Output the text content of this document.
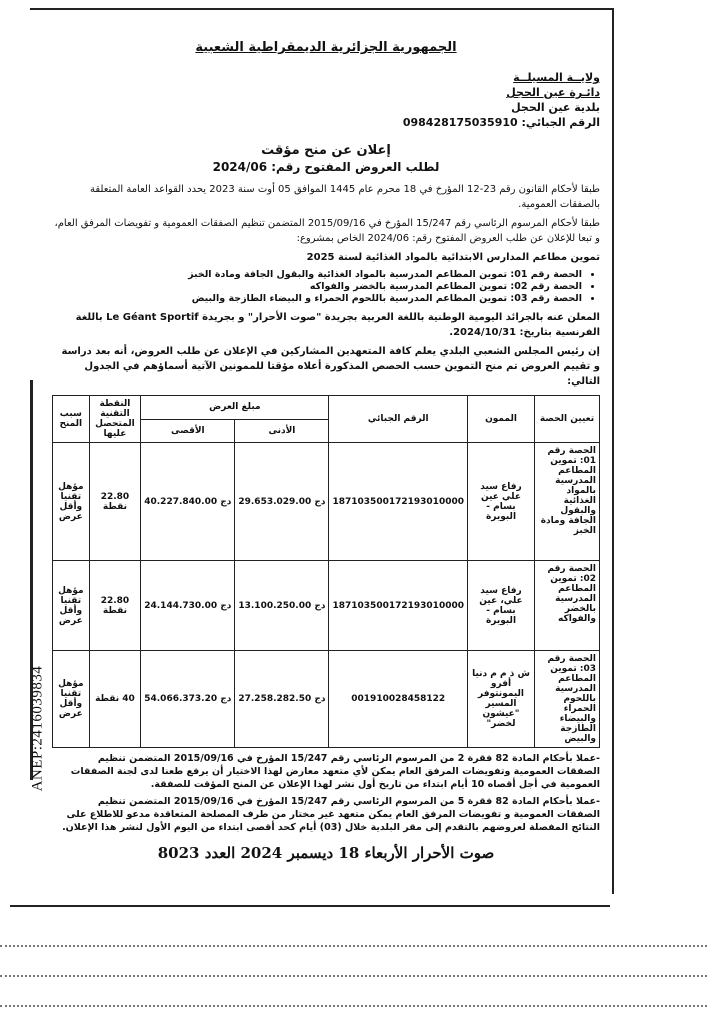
ANEP:2416039834
الجمهورية الجزائرية الديمقراطية الشعبية
ولايــة المسيلــة
دائـرة عين الحجل
بلدية عين الحجل
الرقم الجبائي: 098428175035910
إعلان عن منح مؤقت
لطلب العروض المفتوح رقم: 2024/06

طبقا لأحكام القانون رقم 23-12 المؤرخ في 18 محرم عام 1445 الموافق 05 أوت سنة 2023 يحدد القواعد العامة المتعلقة بالصفقات العمومية.

طبقا لأحكام المرسوم الرئاسي رقم 15/247 المؤرخ في 2015/09/16 المتضمن تنظيم الصفقات العمومية و تفويضات المرفق العام، و تبعا للإعلان عن طلب العروض المفتوح رقم: 2024/06 الخاص بمشروع:

تموين مطاعم المدارس الابتدائية بالمواد الغذائية لسنة 2025

• الحصة رقم 01: تموين المطاعم المدرسية بالمواد الغذائية والبقول الجافة ومادة الخبز
• الحصة رقم 02: تموين المطاعم المدرسية بالخضر والفواكه
• الحصة رقم 03: تموين المطاعم المدرسية باللحوم الحمراء و البيضاء الطازجة والبيض

المعلن عنه بالجرائد اليومية الوطنية باللغة العربية بجريدة "صوت الأحرار" و بجريدة Le Géant Sportif باللغة الفرنسية بتاريخ: 2024/10/31.

إن رئيس المجلس الشعبي البلدي يعلم كافة المتعهدين المشاركين في الإعلان عن طلب العروض، أنه بعد دراسة و تقييم العروض تم منح التموين حسب الحصص المذكورة أعلاه مؤقتا للممونين الآتية أسماؤهم في الجدول التالي:

تعيين الحصة	الممون	الرقم الجبائي	مبلغ العرض		النقطة التقنية المتحصل عليها	سبب المنح
			الأدنى	الأقصى		
الحصة رقم 01: تموين المطاعم المدرسية بالمواد الغذائية والبقول الجافة ومادة الخبز	رفاع سيد علي عين بسام - البويرة	187103500172193010000	29.653.029.00 دج	40.227.840.00 دج	22.80 نقطة	مؤهل تقنيا وأقل عرض
الحصة رقم 02: تموين المطاعم المدرسية بالخضر والفواكه	رفاع سيد علي، عين بسام - البويرة	187103500172193010000	13.100.250.00 دج	24.144.730.00 دج	22.80 نقطة	مؤهل تقنيا وأقل عرض
الحصة رقم 03: تموين المطاعم المدرسية باللحوم الحمراء والبيضاء الطازجة والبيض	ش ذ م م دنيا أفرو اليمونتوفر المسير "عيشون لخضر"	001910028458122	27.258.282.50 دج	54.066.373.20 دج	40 نقطة	مؤهل تقنيا وأقل عرض
-عملا بأحكام المادة 82 فقرة 2 من المرسوم الرئاسي رقم 15/247 المؤرخ في 2015/09/16 المتضمن تنظيم الصفقات العمومية وتفويضات المرفق العام يمكن لأي متعهد معارض لهذا الاختيار أن يرفع طعنا لدى لجنة الصفقات العمومية في أجل أقصاه 10 أيام ابتداء من تاريخ أول نشر لهذا الإعلان عن المنح المؤقت للصفقة.
-عملا بأحكام المادة 82 فقرة 5 من المرسوم الرئاسي رقم 15/247 المؤرخ في 2015/09/16 المتضمن تنظيم الصفقات العمومية و تفويضات المرفق العام يمكن متعهد غير مختار من طرف المصلحة المتعاقدة مدعو للاطلاع على النتائج المفصلة لعروضهم بالتقدم إلى مقر البلدية خلال (03) أيام كحد أقصى ابتداء من اليوم الأول لنشر هذا الإعلان.
صوت الأحرار الأربعاء 18 ديسمبر 2024 العدد 8023
